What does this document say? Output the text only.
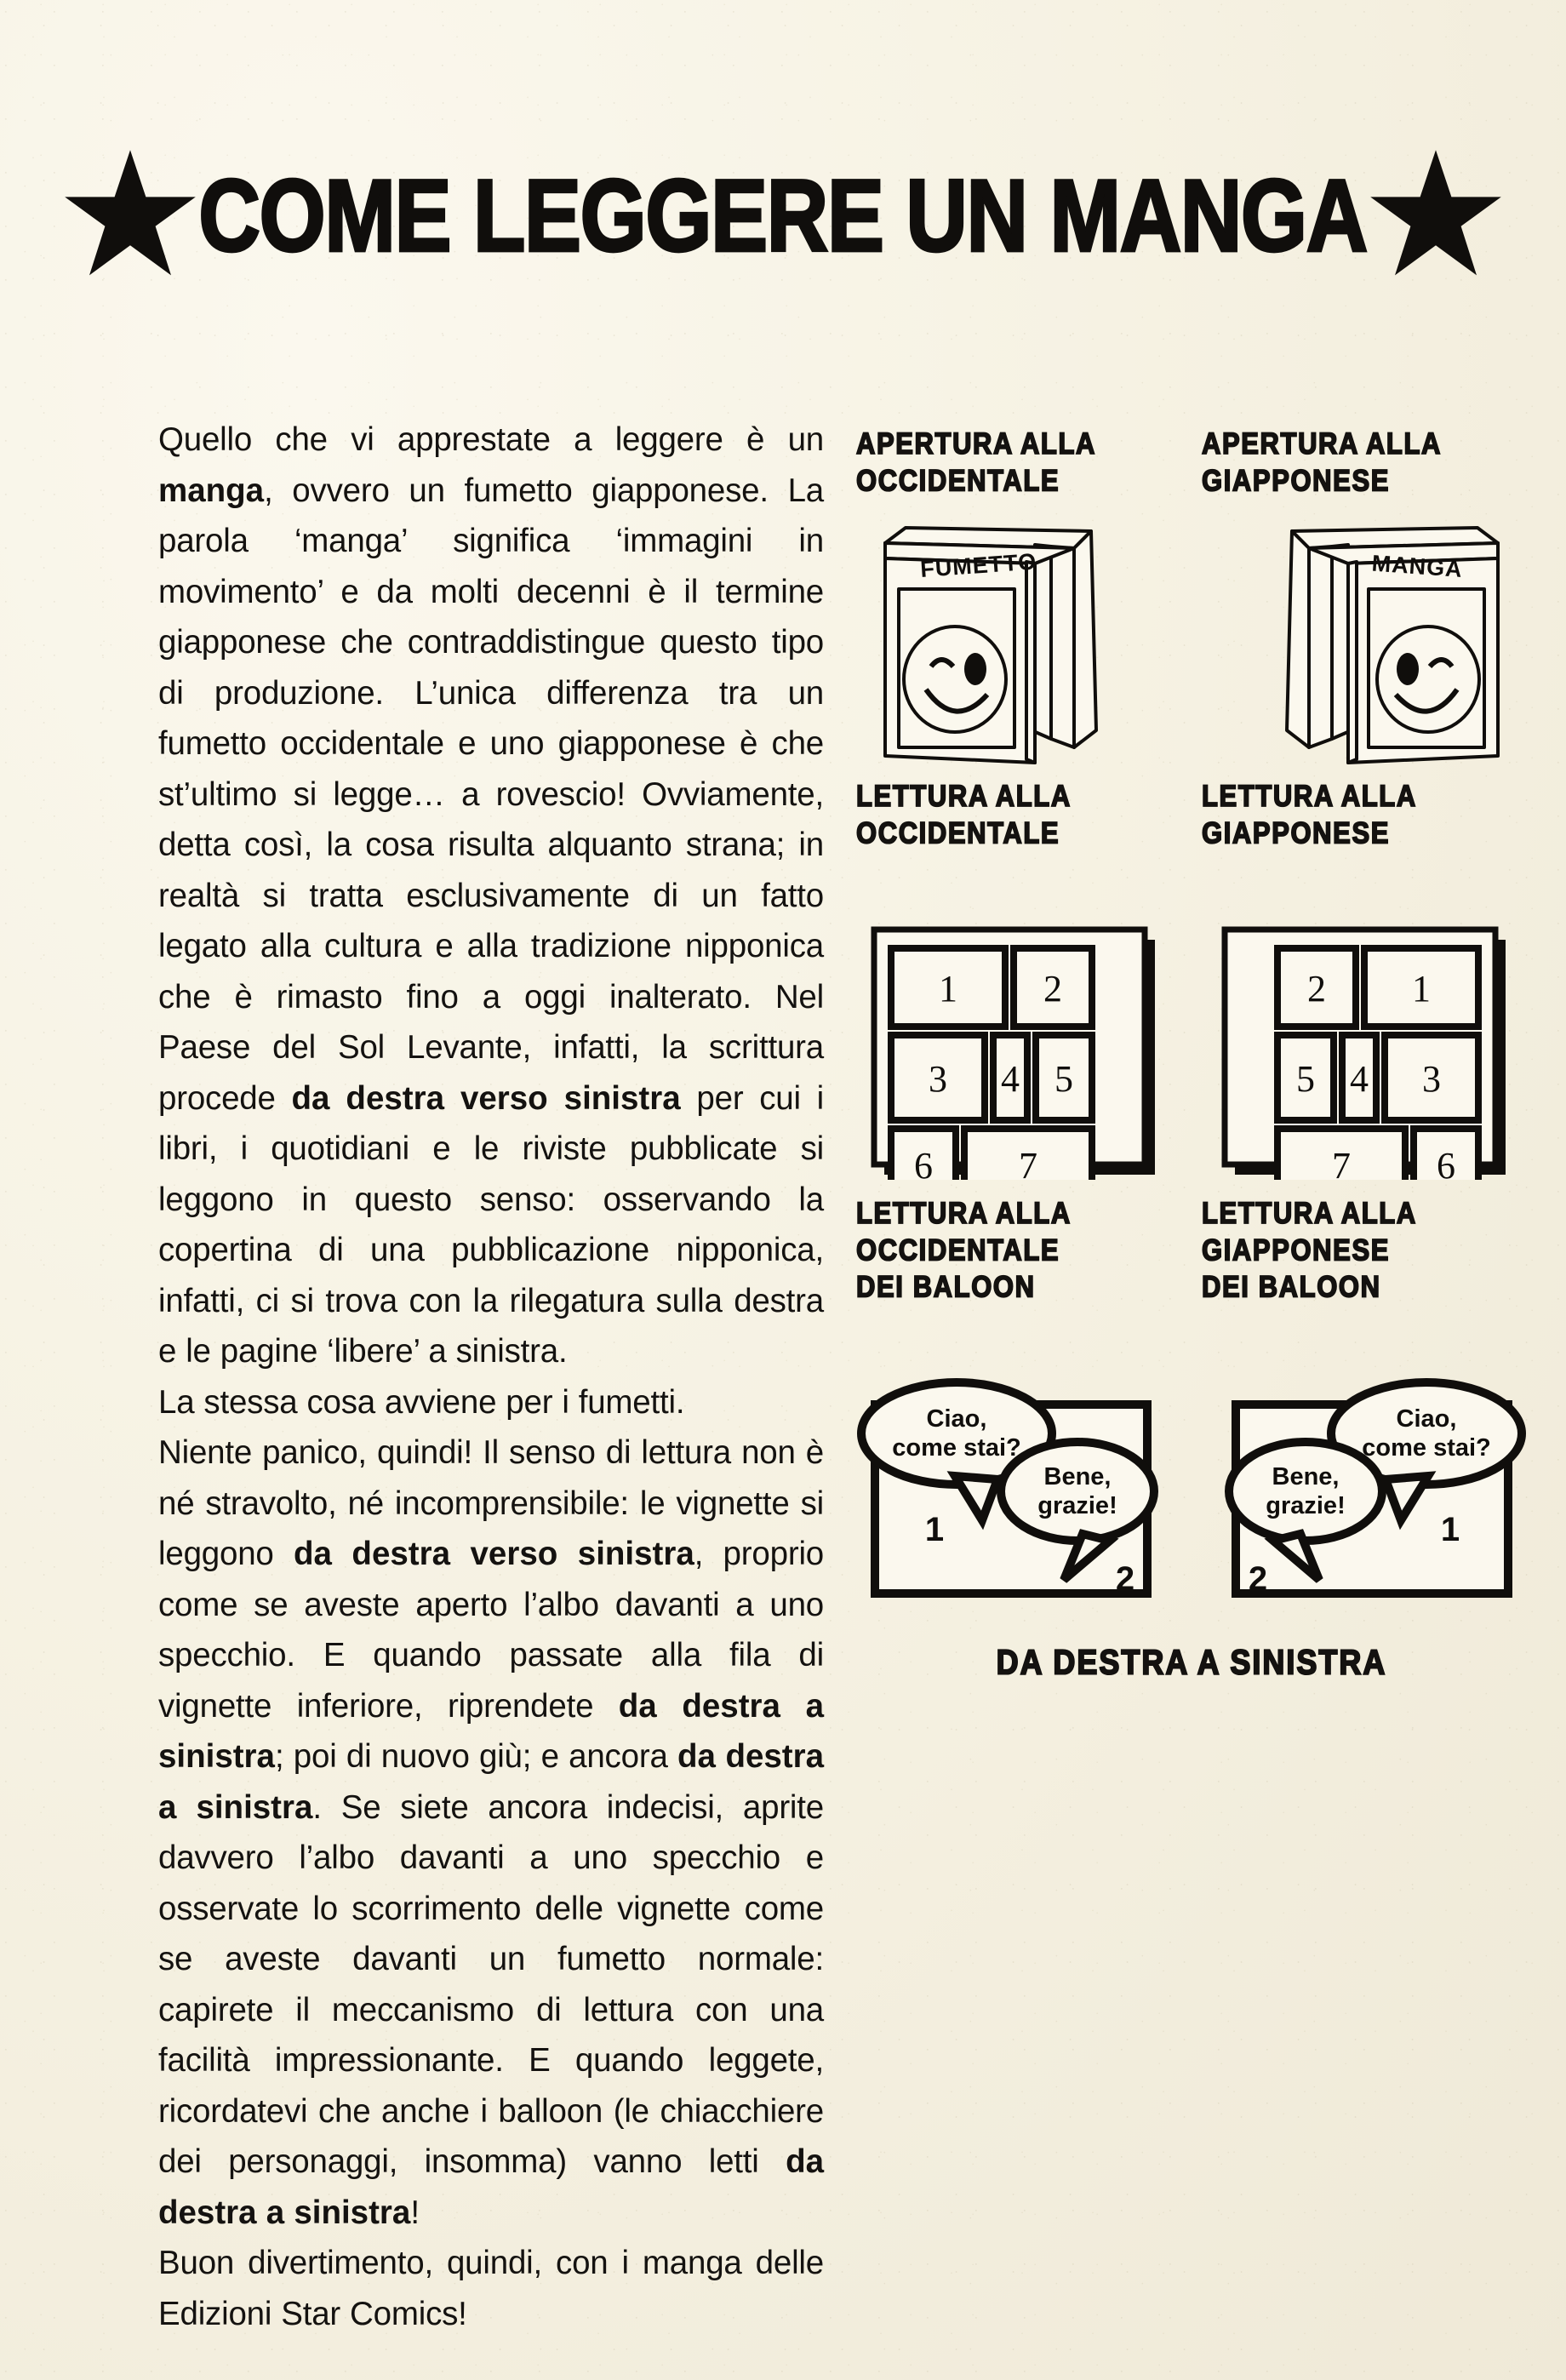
COME LEGGERE UN MANGA
Quello che vi apprestate a leggere è un manga, ovvero un fumetto giapponese. La parola ‘manga’ significa ‘immagini in movimento’ e da molti decenni è il termine giapponese che contraddistingue questo tipo di produzione. L’unica differenza tra un fumetto occidentale e uno giapponese è che st’ultimo si legge… a rovescio! Ovviamente, detta così, la cosa risulta alquanto strana; in realtà si tratta esclusivamente di un fatto legato alla cultura e alla tradizione nipponica che è rimasto fino a oggi inalterato. Nel Paese del Sol Levante, infatti, la scrittura procede da destra verso sinistra per cui i libri, i quotidiani e le riviste pubblicate si leggono in questo senso: osservando la copertina di una pubblicazione nipponica, infatti, ci si trova con la rilegatura sulla destra e le pagine ‘libere’ a sinistra.
La stessa cosa avviene per i fumetti.
Niente panico, quindi! Il senso di lettura non è né stravolto, né incomprensibile: le vignette si leggono da destra verso sinistra, proprio come se aveste aperto l’albo davanti a uno specchio. E quando passate alla fila di vignette inferiore, riprendete da destra a sinistra; poi di nuovo giù; e ancora da destra a sinistra. Se siete ancora indecisi, aprite davvero l’albo davanti a uno specchio e osservate lo scorrimento delle vignette come se aveste davanti un fumetto normale: capirete il meccanismo di lettura con una facilità impressionante. E quando leggete, ricordatevi che anche i balloon (le chiacchiere dei personaggi, insomma) vanno letti da destra a sinistra!
Buon divertimento, quindi, con i manga delle Edizioni Star Comics!
APERTURA ALLA
OCCIDENTALE
APERTURA ALLA
GIAPPONESE
FUMETTO	MANGA
LETTURA ALLA
OCCIDENTALE
LETTURA ALLA
GIAPPONESE
1 2
3 4 5
6 7
2 1
5 4 3
7 6
LETTURA ALLA
OCCIDENTALE
DEI BALOON
LETTURA ALLA
GIAPPONESE
DEI BALOON
Ciao,
come stai?
Bene,
grazie!
1
2
Ciao,
come stai?
Bene,
grazie!
1
2
DA DESTRA A SINISTRA
